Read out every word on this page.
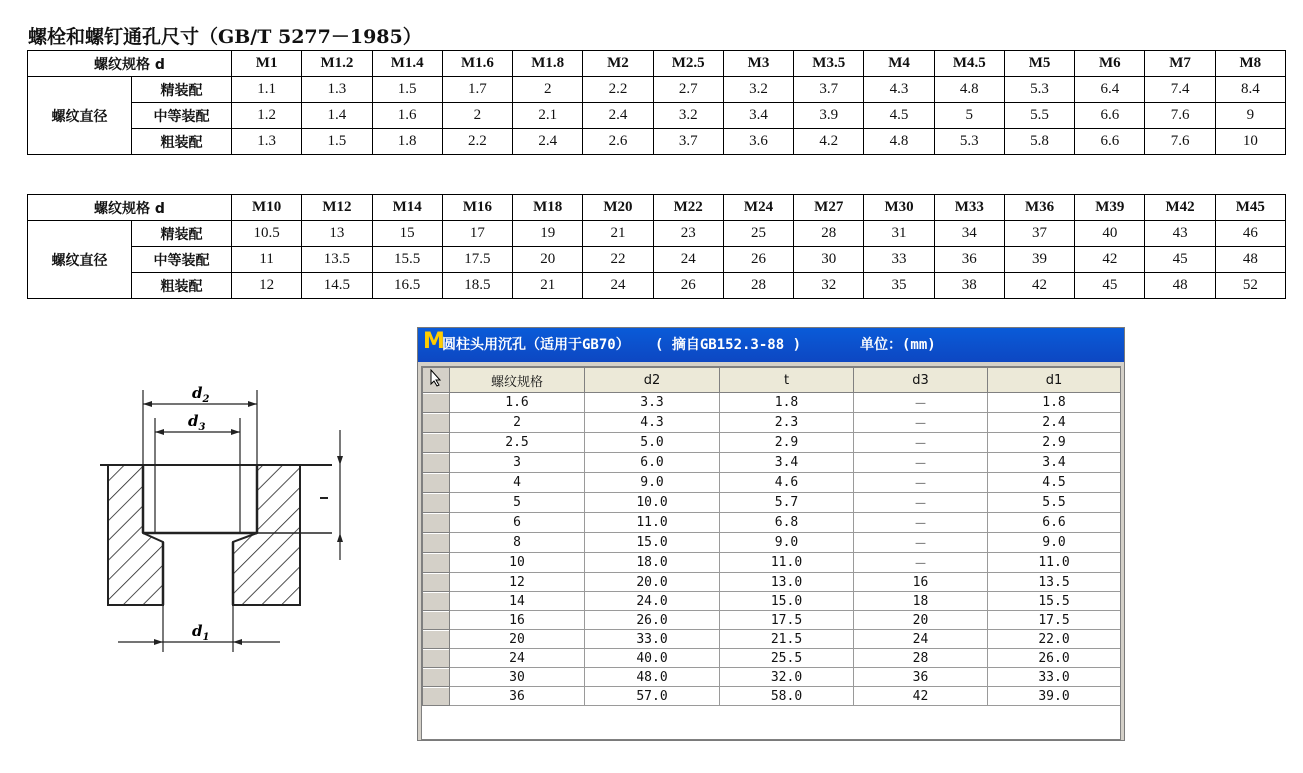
螺栓和螺钉通孔尺寸（GB/T 5277－1985）
螺纹规格 d		M1	M1.2	M1.4	M1.6	M1.8	M2	M2.5	M3	M3.5	M4	M4.5	M5	M6	M7	M8
螺纹直径	精装配	1.1	1.3	1.5	1.7	2	2.2	2.7	3.2	3.7	4.3	4.8	5.3	6.4	7.4	8.4
	中等装配	1.2	1.4	1.6	2	2.1	2.4	3.2	3.4	3.9	4.5	5	5.5	6.6	7.6	9
	粗装配	1.3	1.5	1.8	2.2	2.4	2.6	3.7	3.6	4.2	4.8	5.3	5.8	6.6	7.6	10
螺纹规格 d		M10	M12	M14	M16	M18	M20	M22	M24	M27	M30	M33	M36	M39	M42	M45
螺纹直径	精装配	10.5	13	15	17	19	21	23	25	28	31	34	37	40	43	46
	中等装配	11	13.5	15.5	17.5	20	22	24	26	30	33	36	39	42	45	48
	粗装配	12	14.5	16.5	18.5	21	24	26	28	32	35	38	42	45	48	52
$d_2$
$d_3$
$d_1$
M
圆柱头用沉孔（适用于GB70）   ( 摘自GB152.3-88 )       单位：(mm)
	螺纹规格	d2	t	d3	d1
	1.6	3.3	1.8	－	1.8
	2	4.3	2.3	－	2.4
	2.5	5.0	2.9	－	2.9
	3	6.0	3.4	－	3.4
	4	9.0	4.6	－	4.5
	5	10.0	5.7	－	5.5
	6	11.0	6.8	－	6.6
	8	15.0	9.0	－	9.0
	10	18.0	11.0	－	11.0
	12	20.0	13.0	16	13.5
	14	24.0	15.0	18	15.5
	16	26.0	17.5	20	17.5
	20	33.0	21.5	24	22.0
	24	40.0	25.5	28	26.0
	30	48.0	32.0	36	33.0
	36	57.0	58.0	42	39.0
